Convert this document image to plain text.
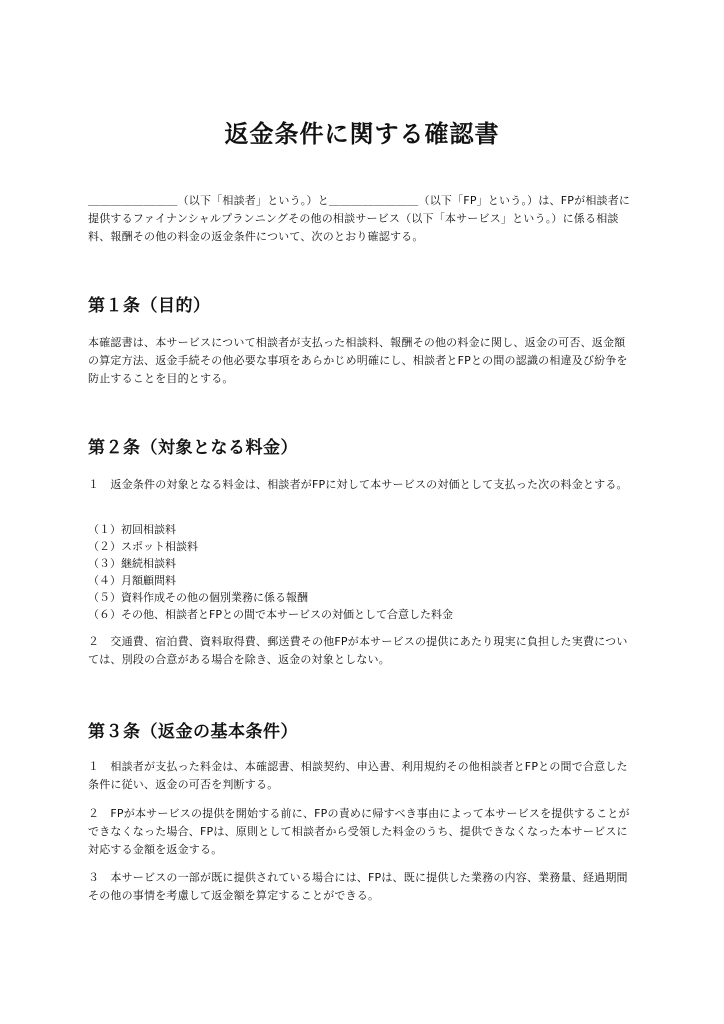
返金条件に関する確認書

＿＿＿＿＿＿＿＿（以下「相談者」という。）と＿＿＿＿＿＿＿＿（以下「FP」という。）は、FPが相談者に提供するファイナンシャルプランニングその他の相談サービス（以下「本サービス」という。）に係る相談料、報酬その他の料金の返金条件について、次のとおり確認する。

第１条（目的）

本確認書は、本サービスについて相談者が支払った相談料、報酬その他の料金に関し、返金の可否、返金額の算定方法、返金手続その他必要な事項をあらかじめ明確にし、相談者とFPとの間の認識の相違及び紛争を防止することを目的とする。

第２条（対象となる料金）

１　返金条件の対象となる料金は、相談者がFPに対して本サービスの対価として支払った次の料金とする。

（１）初回相談料
（２）スポット相談料
（３）継続相談料
（４）月額顧問料
（５）資料作成その他の個別業務に係る報酬
（６）その他、相談者とFPとの間で本サービスの対価として合意した料金

２　交通費、宿泊費、資料取得費、郵送費その他FPが本サービスの提供にあたり現実に負担した実費については、別段の合意がある場合を除き、返金の対象としない。

第３条（返金の基本条件）

１　相談者が支払った料金は、本確認書、相談契約、申込書、利用規約その他相談者とFPとの間で合意した条件に従い、返金の可否を判断する。

２　FPが本サービスの提供を開始する前に、FPの責めに帰すべき事由によって本サービスを提供することができなくなった場合、FPは、原則として相談者から受領した料金のうち、提供できなくなった本サービスに対応する金額を返金する。

３　本サービスの一部が既に提供されている場合には、FPは、既に提供した業務の内容、業務量、経過期間その他の事情を考慮して返金額を算定することができる。
